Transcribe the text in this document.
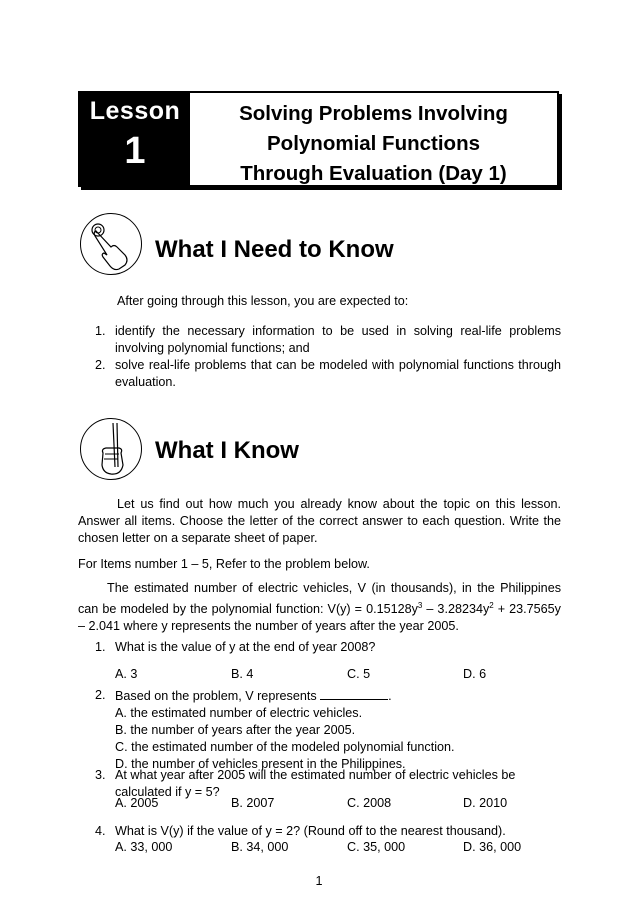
Lesson
1
Solving Problems Involving
Polynomial Functions
Through Evaluation (Day 1)
What I Need to Know
After going through this lesson, you are expected to:
1. identify the necessary information to be used in solving real-life problems involving polynomial functions; and
2. solve real-life problems that can be modeled with polynomial functions through evaluation.
What I Know
Let us find out how much you already know about the topic on this lesson. Answer all items. Choose the letter of the correct answer to each question. Write the chosen letter on a separate sheet of paper.
For Items number 1 – 5, Refer to the problem below.
The estimated number of electric vehicles, V (in thousands), in the Philippines can be modeled by the polynomial function: $V(y) = 0.15128y^3 - 3.28234y^2 + 23.7565y - 2.041$ where y represents the number of years after the year 2005.
1. What is the value of y at the end of year 2008?
A. 3	B. 4	C. 5	D. 6
2. Based on the problem, V represents	.
A. the estimated number of electric vehicles.
B. the number of years after the year 2005.
C. the estimated number of the modeled polynomial function.
D. the number of vehicles present in the Philippines.
3. At what year after 2005 will the estimated number of electric vehicles be
calculated if y = 5?
A. 2005	B. 2007	C. 2008	D. 2010
4. What is V(y) if the value of y = 2? (Round off to the nearest thousand).
A. 33, 000	B. 34, 000	C. 35, 000	D. 36, 000
1
